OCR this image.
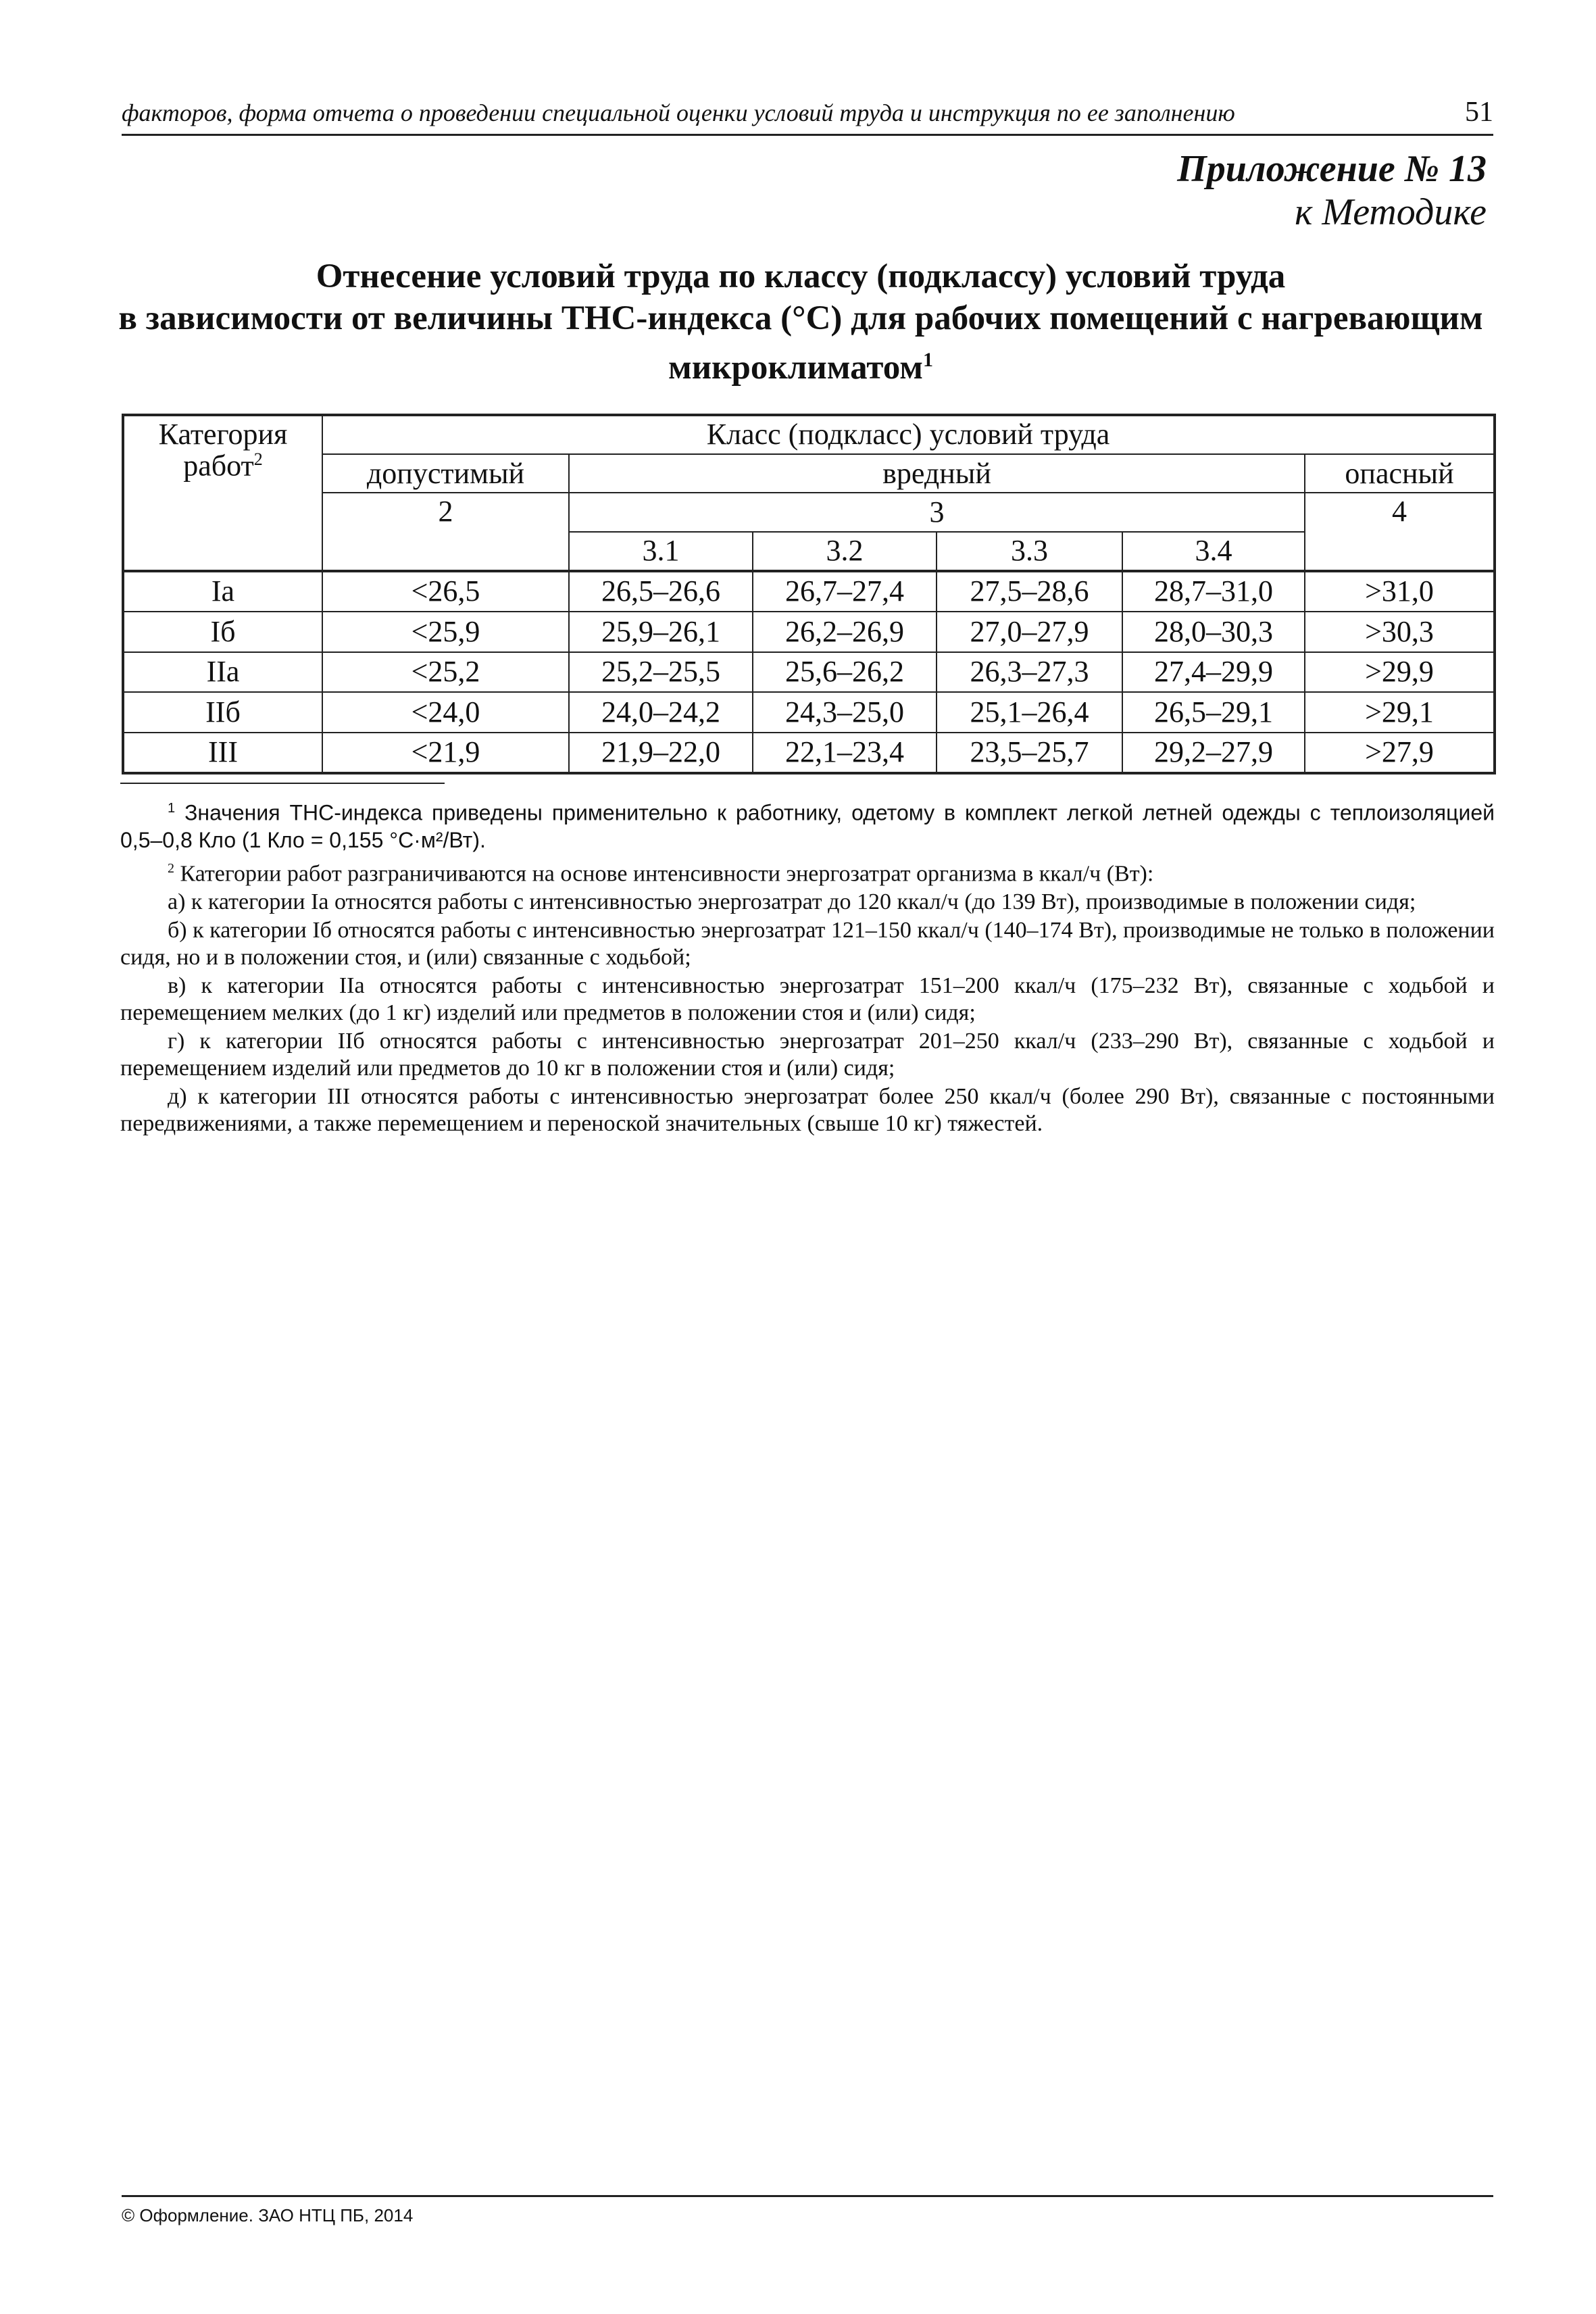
факторов, форма отчета о проведении специальной оценки условий труда и инструкция по ее заполнению	51
Приложение № 13
к Методике
Отнесение условий труда по классу (подклассу) условий труда
в зависимости от величины ТНС-индекса (°С) для рабочих помещений с нагревающим
микроклиматом$^1$
Категория работ$^2$	Класс (подкласс) условий труда					
	допустимый	вредный				опасный
	2	3				4
		3.1	3.2	3.3	3.4	
Iа	<26,5	26,5–26,6	26,7–27,4	27,5–28,6	28,7–31,0	>31,0
Iб	<25,9	25,9–26,1	26,2–26,9	27,0–27,9	28,0–30,3	>30,3
IIа	<25,2	25,2–25,5	25,6–26,2	26,3–27,3	27,4–29,9	>29,9
IIб	<24,0	24,0–24,2	24,3–25,0	25,1–26,4	26,5–29,1	>29,1
III	<21,9	21,9–22,0	22,1–23,4	23,5–25,7	29,2–27,9	>27,9

$^1$ Значения ТНС-индекса приведены применительно к работнику, одетому в комплект легкой летней одежды с теплоизоляцией 0,5–0,8 Кло (1 Кло = 0,155 °С·м²/Вт).

$^2$ Категории работ разграничиваются на основе интенсивности энергозатрат организма в ккал/ч (Вт):

а) к категории Iа относятся работы с интенсивностью энергозатрат до 120 ккал/ч (до 139 Вт), производимые в положении сидя;

б) к категории Iб относятся работы с интенсивностью энергозатрат 121–150 ккал/ч (140–174 Вт), производимые не только в положении сидя, но и в положении стоя, и (или) связанные с ходьбой;

в) к категории IIа относятся работы с интенсивностью энергозатрат 151–200 ккал/ч (175–232 Вт), связанные с ходьбой и перемещением мелких (до 1 кг) изделий или предметов в положении стоя и (или) сидя;

г) к категории IIб относятся работы с интенсивностью энергозатрат 201–250 ккал/ч (233–290 Вт), связанные с ходьбой и перемещением изделий или предметов до 10 кг в положении стоя и (или) сидя;

д) к категории III относятся работы с интенсивностью энергозатрат более 250 ккал/ч (более 290 Вт), связанные с постоянными передвижениями, а также перемещением и переноской значительных (свыше 10 кг) тяжестей.

© Оформление. ЗАО НТЦ ПБ, 2014
